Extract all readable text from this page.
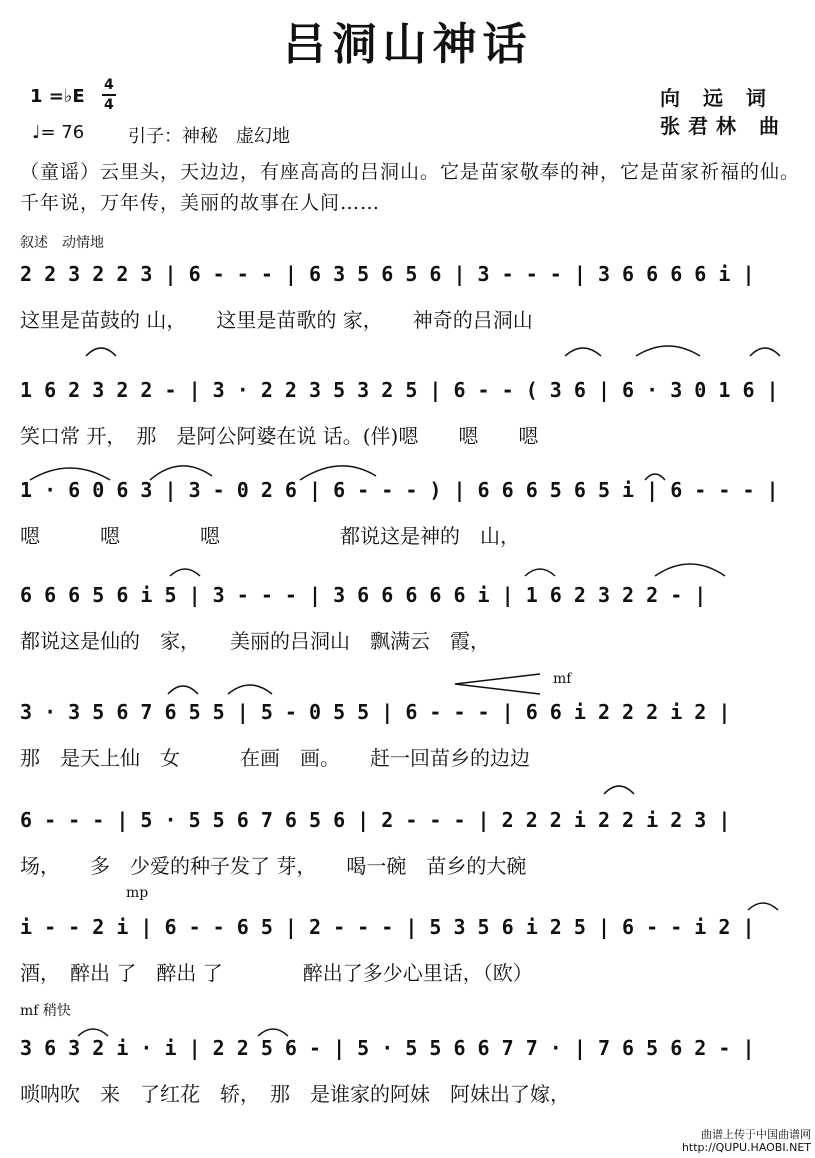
吕洞山神话
1 =♭E
4
4
♩= 76 引子：神秘　虚幻地
向 远 词
张君林 曲
（童谣）云里头，天边边，有座高高的吕洞山。它是苗家敬奉的神，它是苗家祈福的仙。千年说，万年传，美丽的故事在人间……
叙述　动情地
mf
mp
mf 稍快
2 2 3 2 2 3 | 6 - - - | 6 3 5 6 5 6 | 3 - - - | 3 6 6 6 6 i |
这里是苗鼓的 山，　　这里是苗歌的 家，　　神奇的吕洞山
1 6 2 3 2 2 - | 3 · 2 2 3 5 3 2 5 | 6 - - ( 3 6 | 6 · 3 0 1 6 |
笑口常 开，　那　是阿公阿婆在说 话。(伴)嗯　　嗯　　嗯
1 · 6 0 6 3 | 3 - 0 2 6 | 6 - - - ) | 6 6 6 5 6 5 i | 6 - - - |
嗯　　　嗯　　　　嗯　　　　　　都说这是神的　山，
6 6 6 5 6 i 5 | 3 - - - | 3 6 6 6 6 6 i | 1 6 2 3 2 2 - |
都说这是仙的　家，　　美丽的吕洞山　飘满云　霞，
3 · 3 5 6 7 6 5 5 | 5 - 0 5 5 | 6 - - - | 6 6 i 2 2 2 i 2 |
那　是天上仙　女　　　在画　画。　　赶一回苗乡的边边
6 - - - | 5 · 5 5 6 7 6 5 6 | 2 - - - | 2 2 2 i 2 2 i 2 3 |
场，　　多　少爱的种子发了 芽，　　喝一碗　苗乡的大碗
i - - 2 i | 6 - - 6 5 | 2 - - - | 5 3 5 6 i 2 5 | 6 - - i 2 |
酒，　醉出 了　醉出 了　　　　醉出了多少心里话，（欧）
3 6 3 2 i · i | 2 2 5 6 - | 5 · 5 5 6 6 7 7 · | 7 6 5 6 2 - |
唢呐吹　来　了红花　轿，　那　是谁家的阿妹　阿妹出了嫁，
曲谱上传于中国曲谱网
http://QUPU.HAOBI.NET
